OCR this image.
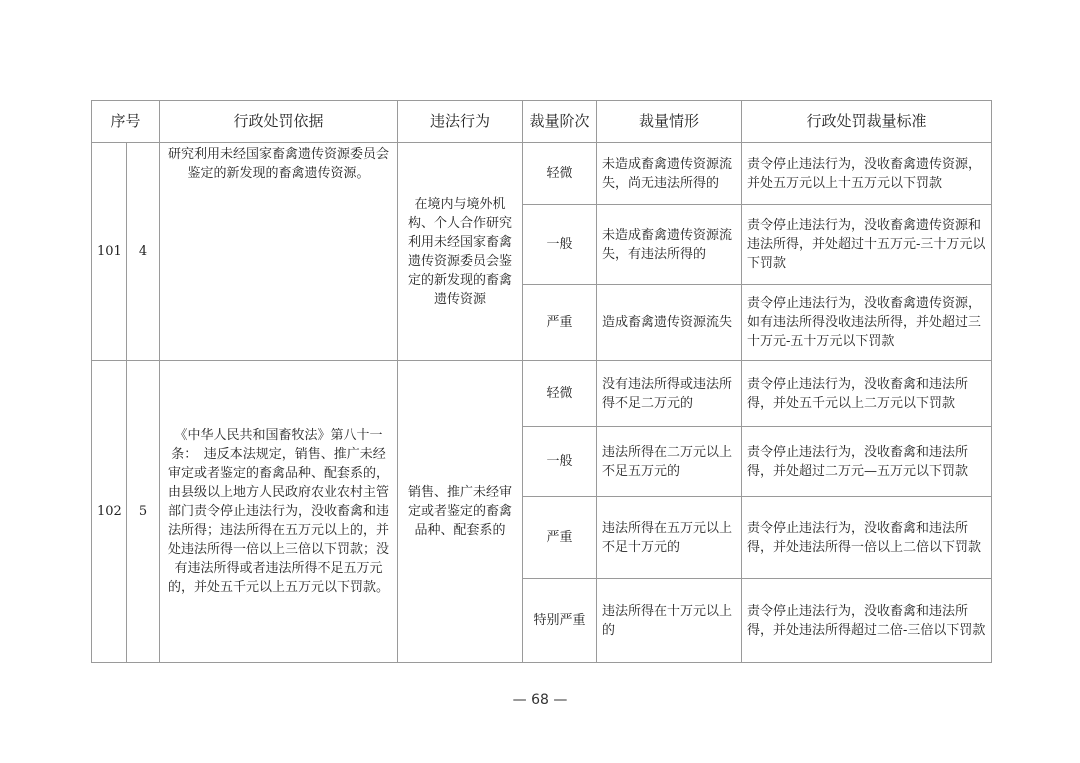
序号		行政处罚依据	违法行为	裁量阶次	裁量情形	行政处罚裁量标准
101	4	研究利用未经国家畜禽遗传资源委员会鉴定的新发现的畜禽遗传资源。	在境内与境外机构、个人合作研究利用未经国家畜禽遗传资源委员会鉴定的新发现的畜禽遗传资源	轻微	未造成畜禽遗传资源流失，尚无违法所得的	责令停止违法行为，没收畜禽遗传资源，并处五万元以上十五万元以下罚款
				一般	未造成畜禽遗传资源流失，有违法所得的	责令停止违法行为，没收畜禽遗传资源和违法所得，并处超过十五万元-三十万元以下罚款
				严重	造成畜禽遗传资源流失	责令停止违法行为，没收畜禽遗传资源，如有违法所得没收违法所得，并处超过三十万元-五十万元以下罚款
102	5	《中华人民共和国畜牧法》第八十一条：　违反本法规定，销售、推广未经审定或者鉴定的畜禽品种、配套系的，由县级以上地方人民政府农业农村主管部门责令停止违法行为，没收畜禽和违法所得；违法所得在五万元以上的，并处违法所得一倍以上三倍以下罚款；没有违法所得或者违法所得不足五万元的，并处五千元以上五万元以下罚款。	销售、推广未经审定或者鉴定的畜禽品种、配套系的	轻微	没有违法所得或违法所得不足二万元的	责令停止违法行为，没收畜禽和违法所得，并处五千元以上二万元以下罚款
				一般	违法所得在二万元以上不足五万元的	责令停止违法行为，没收畜禽和违法所得，并处超过二万元—五万元以下罚款
				严重	违法所得在五万元以上不足十万元的	责令停止违法行为，没收畜禽和违法所得，并处违法所得一倍以上二倍以下罚款
				特别严重	违法所得在十万元以上的	责令停止违法行为，没收畜禽和违法所得，并处违法所得超过二倍-三倍以下罚款
— 68 —
